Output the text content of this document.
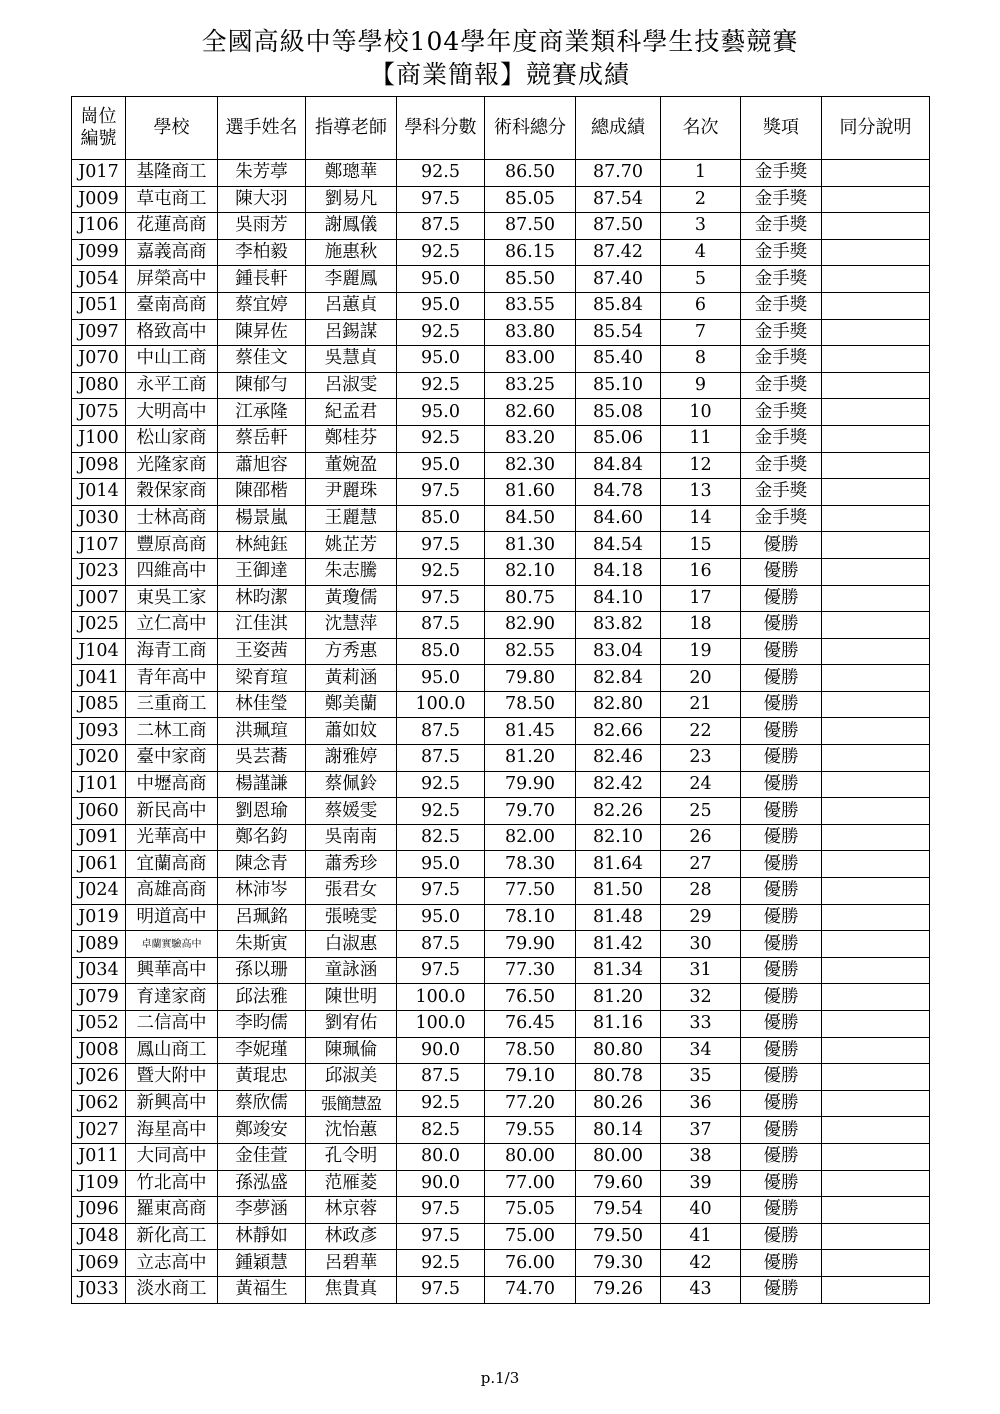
全國高級中等學校104學年度商業類科學生技藝競賽
【商業簡報】競賽成績
崗位
編號	學校	選手姓名	指導老師	學科分數	術科總分	總成績	名次	獎項	同分說明
J017	基隆商工	朱芳葶	鄭璁華	92.5	86.50	87.70	1	金手獎	
J009	草屯商工	陳大羽	劉易凡	97.5	85.05	87.54	2	金手獎	
J106	花蓮高商	吳雨芳	謝鳳儀	87.5	87.50	87.50	3	金手獎	
J099	嘉義高商	李柏毅	施惠秋	92.5	86.15	87.42	4	金手獎	
J054	屏榮高中	鍾長軒	李麗鳳	95.0	85.50	87.40	5	金手獎	
J051	臺南高商	蔡宜婷	呂蕙貞	95.0	83.55	85.84	6	金手獎	
J097	格致高中	陳昇佐	呂錫謀	92.5	83.80	85.54	7	金手獎	
J070	中山工商	蔡佳文	吳慧貞	95.0	83.00	85.40	8	金手獎	
J080	永平工商	陳郁勻	呂淑雯	92.5	83.25	85.10	9	金手獎	
J075	大明高中	江承隆	紀孟君	95.0	82.60	85.08	10	金手獎	
J100	松山家商	蔡岳軒	鄭桂芬	92.5	83.20	85.06	11	金手獎	
J098	光隆家商	蕭旭容	董婉盈	95.0	82.30	84.84	12	金手獎	
J014	穀保家商	陳邵楷	尹麗珠	97.5	81.60	84.78	13	金手獎	
J030	士林高商	楊景嵐	王麗慧	85.0	84.50	84.60	14	金手獎	
J107	豐原高商	林純鈺	姚芷芳	97.5	81.30	84.54	15	優勝	
J023	四維高中	王御達	朱志騰	92.5	82.10	84.18	16	優勝	
J007	東吳工家	林昀潔	黃瓊儒	97.5	80.75	84.10	17	優勝	
J025	立仁高中	江佳淇	沈慧萍	87.5	82.90	83.82	18	優勝	
J104	海青工商	王姿茜	方秀惠	85.0	82.55	83.04	19	優勝	
J041	青年高中	梁育瑄	黃莉涵	95.0	79.80	82.84	20	優勝	
J085	三重商工	林佳瑩	鄭美蘭	100.0	78.50	82.80	21	優勝	
J093	二林工商	洪珮瑄	蕭如妏	87.5	81.45	82.66	22	優勝	
J020	臺中家商	吳芸蕎	謝雅婷	87.5	81.20	82.46	23	優勝	
J101	中壢高商	楊謹謙	蔡佩鈴	92.5	79.90	82.42	24	優勝	
J060	新民高中	劉恩瑜	蔡媛雯	92.5	79.70	82.26	25	優勝	
J091	光華高中	鄭名鈞	吳南南	82.5	82.00	82.10	26	優勝	
J061	宜蘭高商	陳念青	蕭秀珍	95.0	78.30	81.64	27	優勝	
J024	高雄高商	林沛岑	張君女	97.5	77.50	81.50	28	優勝	
J019	明道高中	呂珮銘	張曉雯	95.0	78.10	81.48	29	優勝	
J089	卓蘭實驗高中	朱斯寅	白淑惠	87.5	79.90	81.42	30	優勝	
J034	興華高中	孫以珊	童詠涵	97.5	77.30	81.34	31	優勝	
J079	育達家商	邱法雅	陳世明	100.0	76.50	81.20	32	優勝	
J052	二信高中	李昀儒	劉宥佑	100.0	76.45	81.16	33	優勝	
J008	鳳山商工	李妮瑾	陳珮倫	90.0	78.50	80.80	34	優勝	
J026	暨大附中	黃琨忠	邱淑美	87.5	79.10	80.78	35	優勝	
J062	新興高中	蔡欣儒	張簡慧盈	92.5	77.20	80.26	36	優勝	
J027	海星高中	鄭竣安	沈怡蕙	82.5	79.55	80.14	37	優勝	
J011	大同高中	金佳萱	孔令明	80.0	80.00	80.00	38	優勝	
J109	竹北高中	孫泓盛	范雁菱	90.0	77.00	79.60	39	優勝	
J096	羅東高商	李夢涵	林京蓉	97.5	75.05	79.54	40	優勝	
J048	新化高工	林靜如	林政彥	97.5	75.00	79.50	41	優勝	
J069	立志高中	鍾穎慧	呂碧華	92.5	76.00	79.30	42	優勝	
J033	淡水商工	黃福生	焦貴真	97.5	74.70	79.26	43	優勝	
p.1/3
